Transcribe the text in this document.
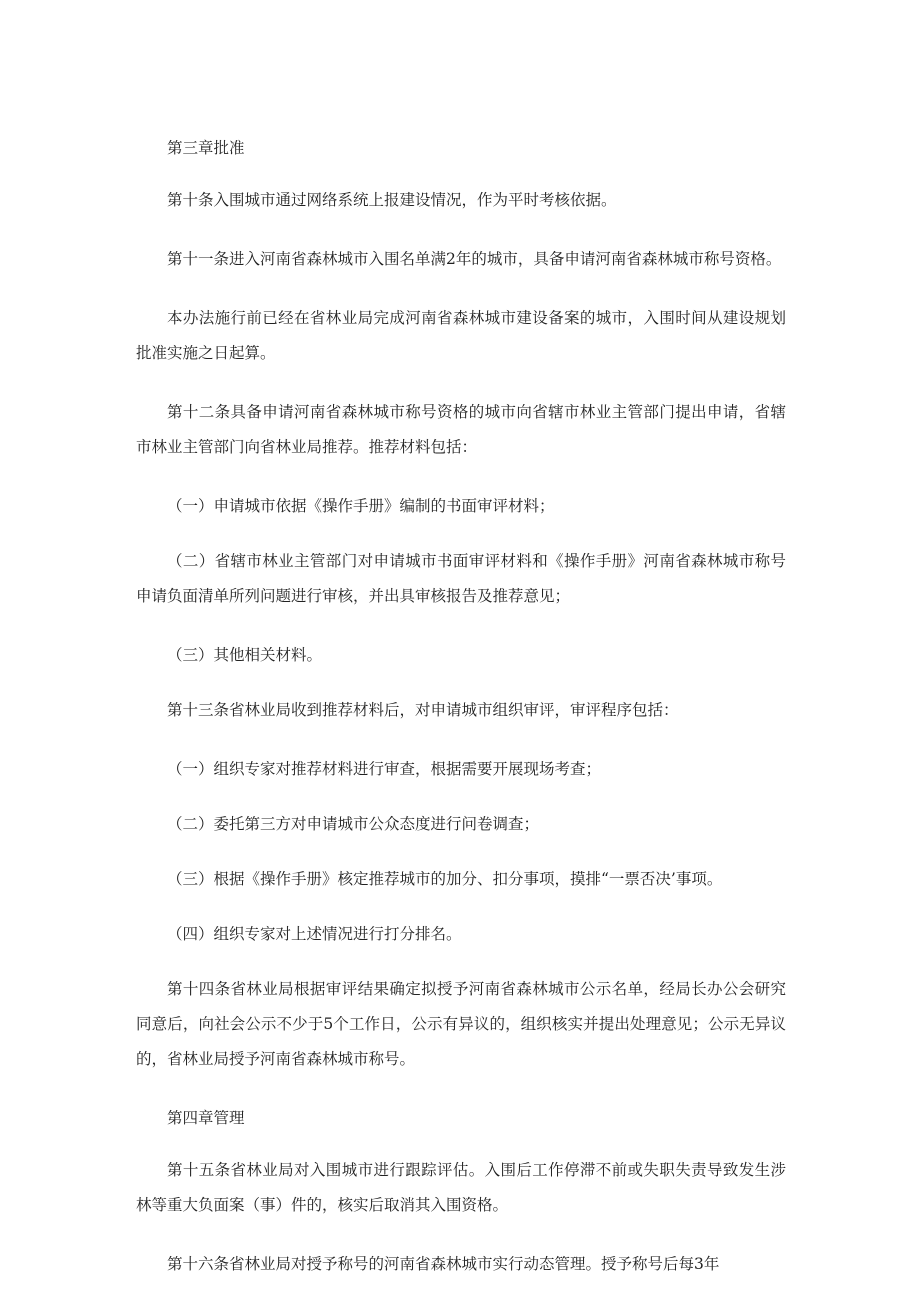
第三章批准

第十条入围城市通过网络系统上报建设情况，作为平时考核依据。

第十一条进入河南省森林城市入围名单满2年的城市，具备申请河南省森林城市称号资格。

本办法施行前已经在省林业局完成河南省森林城市建设备案的城市，入围时间从建设规划批准实施之日起算。

第十二条具备申请河南省森林城市称号资格的城市向省辖市林业主管部门提出申请，省辖市林业主管部门向省林业局推荐。推荐材料包括：

（一）申请城市依据《操作手册》编制的书面审评材料；

（二）省辖市林业主管部门对申请城市书面审评材料和《操作手册》河南省森林城市称号申请负面清单所列问题进行审核，并出具审核报告及推荐意见；

（三）其他相关材料。

第十三条省林业局收到推荐材料后，对申请城市组织审评，审评程序包括：

（一）组织专家对推荐材料进行审查，根据需要开展现场考查；

（二）委托第三方对申请城市公众态度进行问卷调查；

（三）根据《操作手册》核定推荐城市的加分、扣分事项，摸排“一票否决’事项。

（四）组织专家对上述情况进行打分排名。

第十四条省林业局根据审评结果确定拟授予河南省森林城市公示名单，经局长办公会研究同意后，向社会公示不少于5个工作日，公示有异议的，组织核实并提出处理意见；公示无异议的，省林业局授予河南省森林城市称号。

第四章管理

第十五条省林业局对入围城市进行跟踪评估。入围后工作停滞不前或失职失责导致发生涉林等重大负面案（事）件的，核实后取消其入围资格。

第十六条省林业局对授予称号的河南省森林城市实行动态管理。授予称号后每3年
